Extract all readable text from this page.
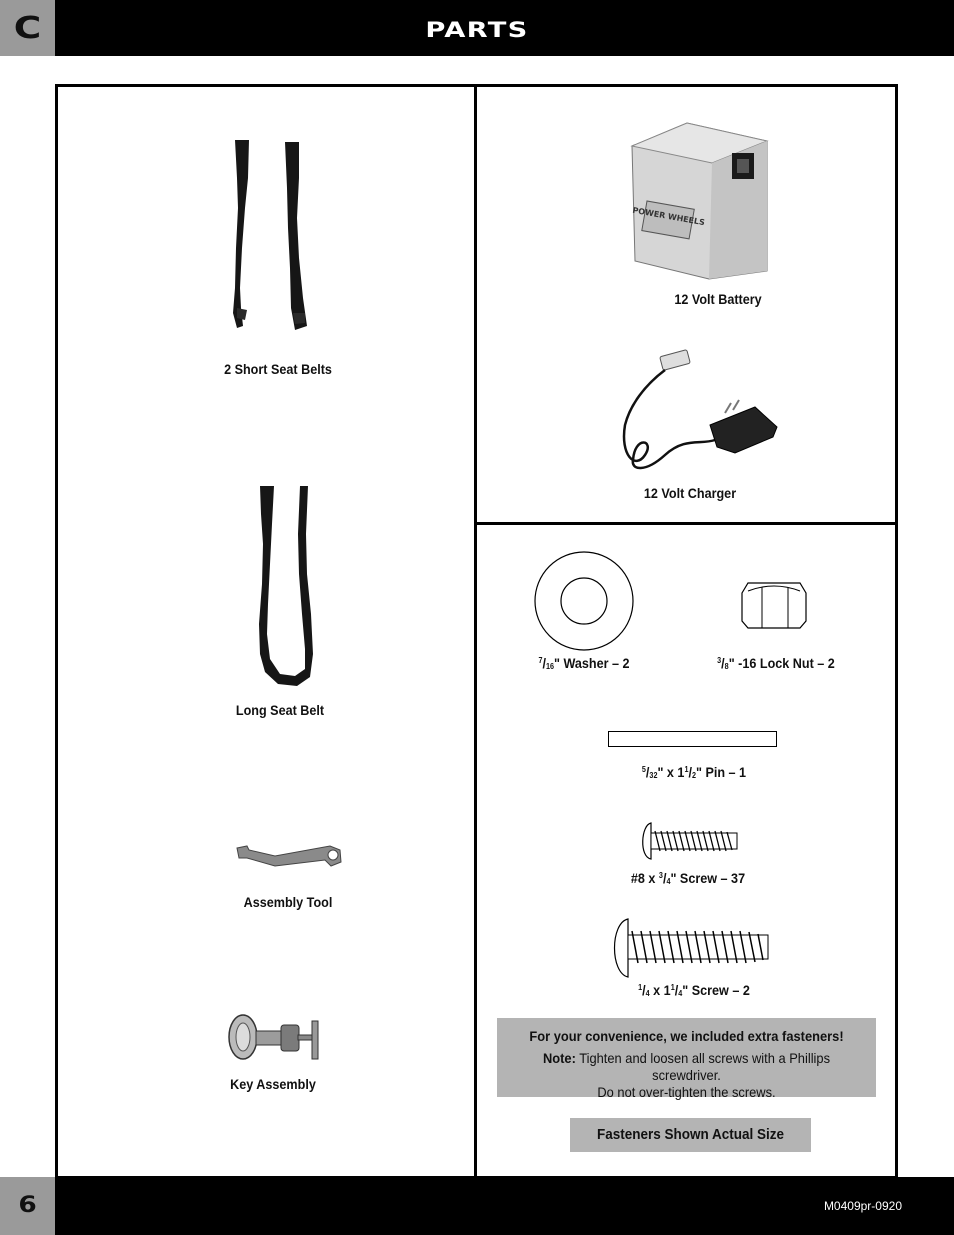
C	PARTS
2 Short Seat Belts
Long Seat Belt
Assembly Tool
Key Assembly
POWER WHEELS
12 Volt Battery
12 Volt Charger
$^7/_{16}$" Washer – 2	$^3/_8$" -16 Lock Nut – 2
$^5/_{32}$" x $1^1/_2$" Pin – 1
#8 x $^3/_4$" Screw – 37
$^1/_4$ x $1^1/_4$" Screw – 2
For your convenience, we included extra fasteners!
Note: Tighten and loosen all screws with a Phillips screwdriver.
Do not over-tighten the screws.
Fasteners Shown Actual Size
6	M0409pr-0920
